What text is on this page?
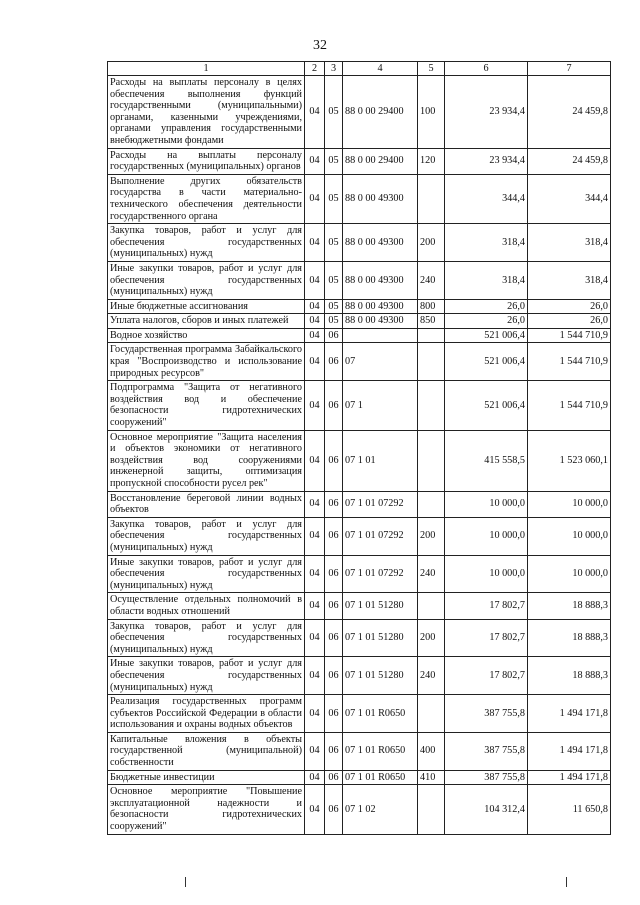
32
1	2	3	4	5	6	7
Расходы на выплаты персоналу в целях обеспечения выполнения функций государственными (муниципальными) органами, казенными учреждениями, органами управления государственными внебюджетными фондами	04	05	88 0 00 29400	100	23 934,4	24 459,8
Расходы на выплаты персоналу государственных (муниципальных) органов	04	05	88 0 00 29400	120	23 934,4	24 459,8
Выполнение других обязательств государства в части материально-технического обеспечения деятельности государственного органа	04	05	88 0 00 49300		344,4	344,4
Закупка товаров, работ и услуг для обеспечения государственных (муниципальных) нужд	04	05	88 0 00 49300	200	318,4	318,4
Иные закупки товаров, работ и услуг для обеспечения государственных (муниципальных) нужд	04	05	88 0 00 49300	240	318,4	318,4
Иные бюджетные ассигнования	04	05	88 0 00 49300	800	26,0	26,0
Уплата налогов, сборов и иных платежей	04	05	88 0 00 49300	850	26,0	26,0
Водное хозяйство	04	06			521 006,4	1 544 710,9
Государственная программа Забайкальского края "Воспроизводство и использование природных ресурсов"	04	06	07		521 006,4	1 544 710,9
Подпрограмма "Защита от негативного воздействия вод и обеспечение безопасности гидротехнических сооружений"	04	06	07 1		521 006,4	1 544 710,9
Основное мероприятие "Защита населения и объектов экономики от негативного воздействия вод сооружениями инженерной защиты, оптимизация пропускной способности русел рек"	04	06	07 1 01		415 558,5	1 523 060,1
Восстановление береговой линии водных объектов	04	06	07 1 01 07292		10 000,0	10 000,0
Закупка товаров, работ и услуг для обеспечения государственных (муниципальных) нужд	04	06	07 1 01 07292	200	10 000,0	10 000,0
Иные закупки товаров, работ и услуг для обеспечения государственных (муниципальных) нужд	04	06	07 1 01 07292	240	10 000,0	10 000,0
Осуществление отдельных полномочий в области водных отношений	04	06	07 1 01 51280		17 802,7	18 888,3
Закупка товаров, работ и услуг для обеспечения государственных (муниципальных) нужд	04	06	07 1 01 51280	200	17 802,7	18 888,3
Иные закупки товаров, работ и услуг для обеспечения государственных (муниципальных) нужд	04	06	07 1 01 51280	240	17 802,7	18 888,3
Реализация государственных программ субъектов Российской Федерации в области использования и охраны водных объектов	04	06	07 1 01 R0650		387 755,8	1 494 171,8
Капитальные вложения в объекты государственной (муниципальной) собственности	04	06	07 1 01 R0650	400	387 755,8	1 494 171,8
Бюджетные инвестиции	04	06	07 1 01 R0650	410	387 755,8	1 494 171,8
Основное мероприятие "Повышение эксплуатационной надежности и безопасности гидротехнических сооружений"	04	06	07 1 02		104 312,4	11 650,8
